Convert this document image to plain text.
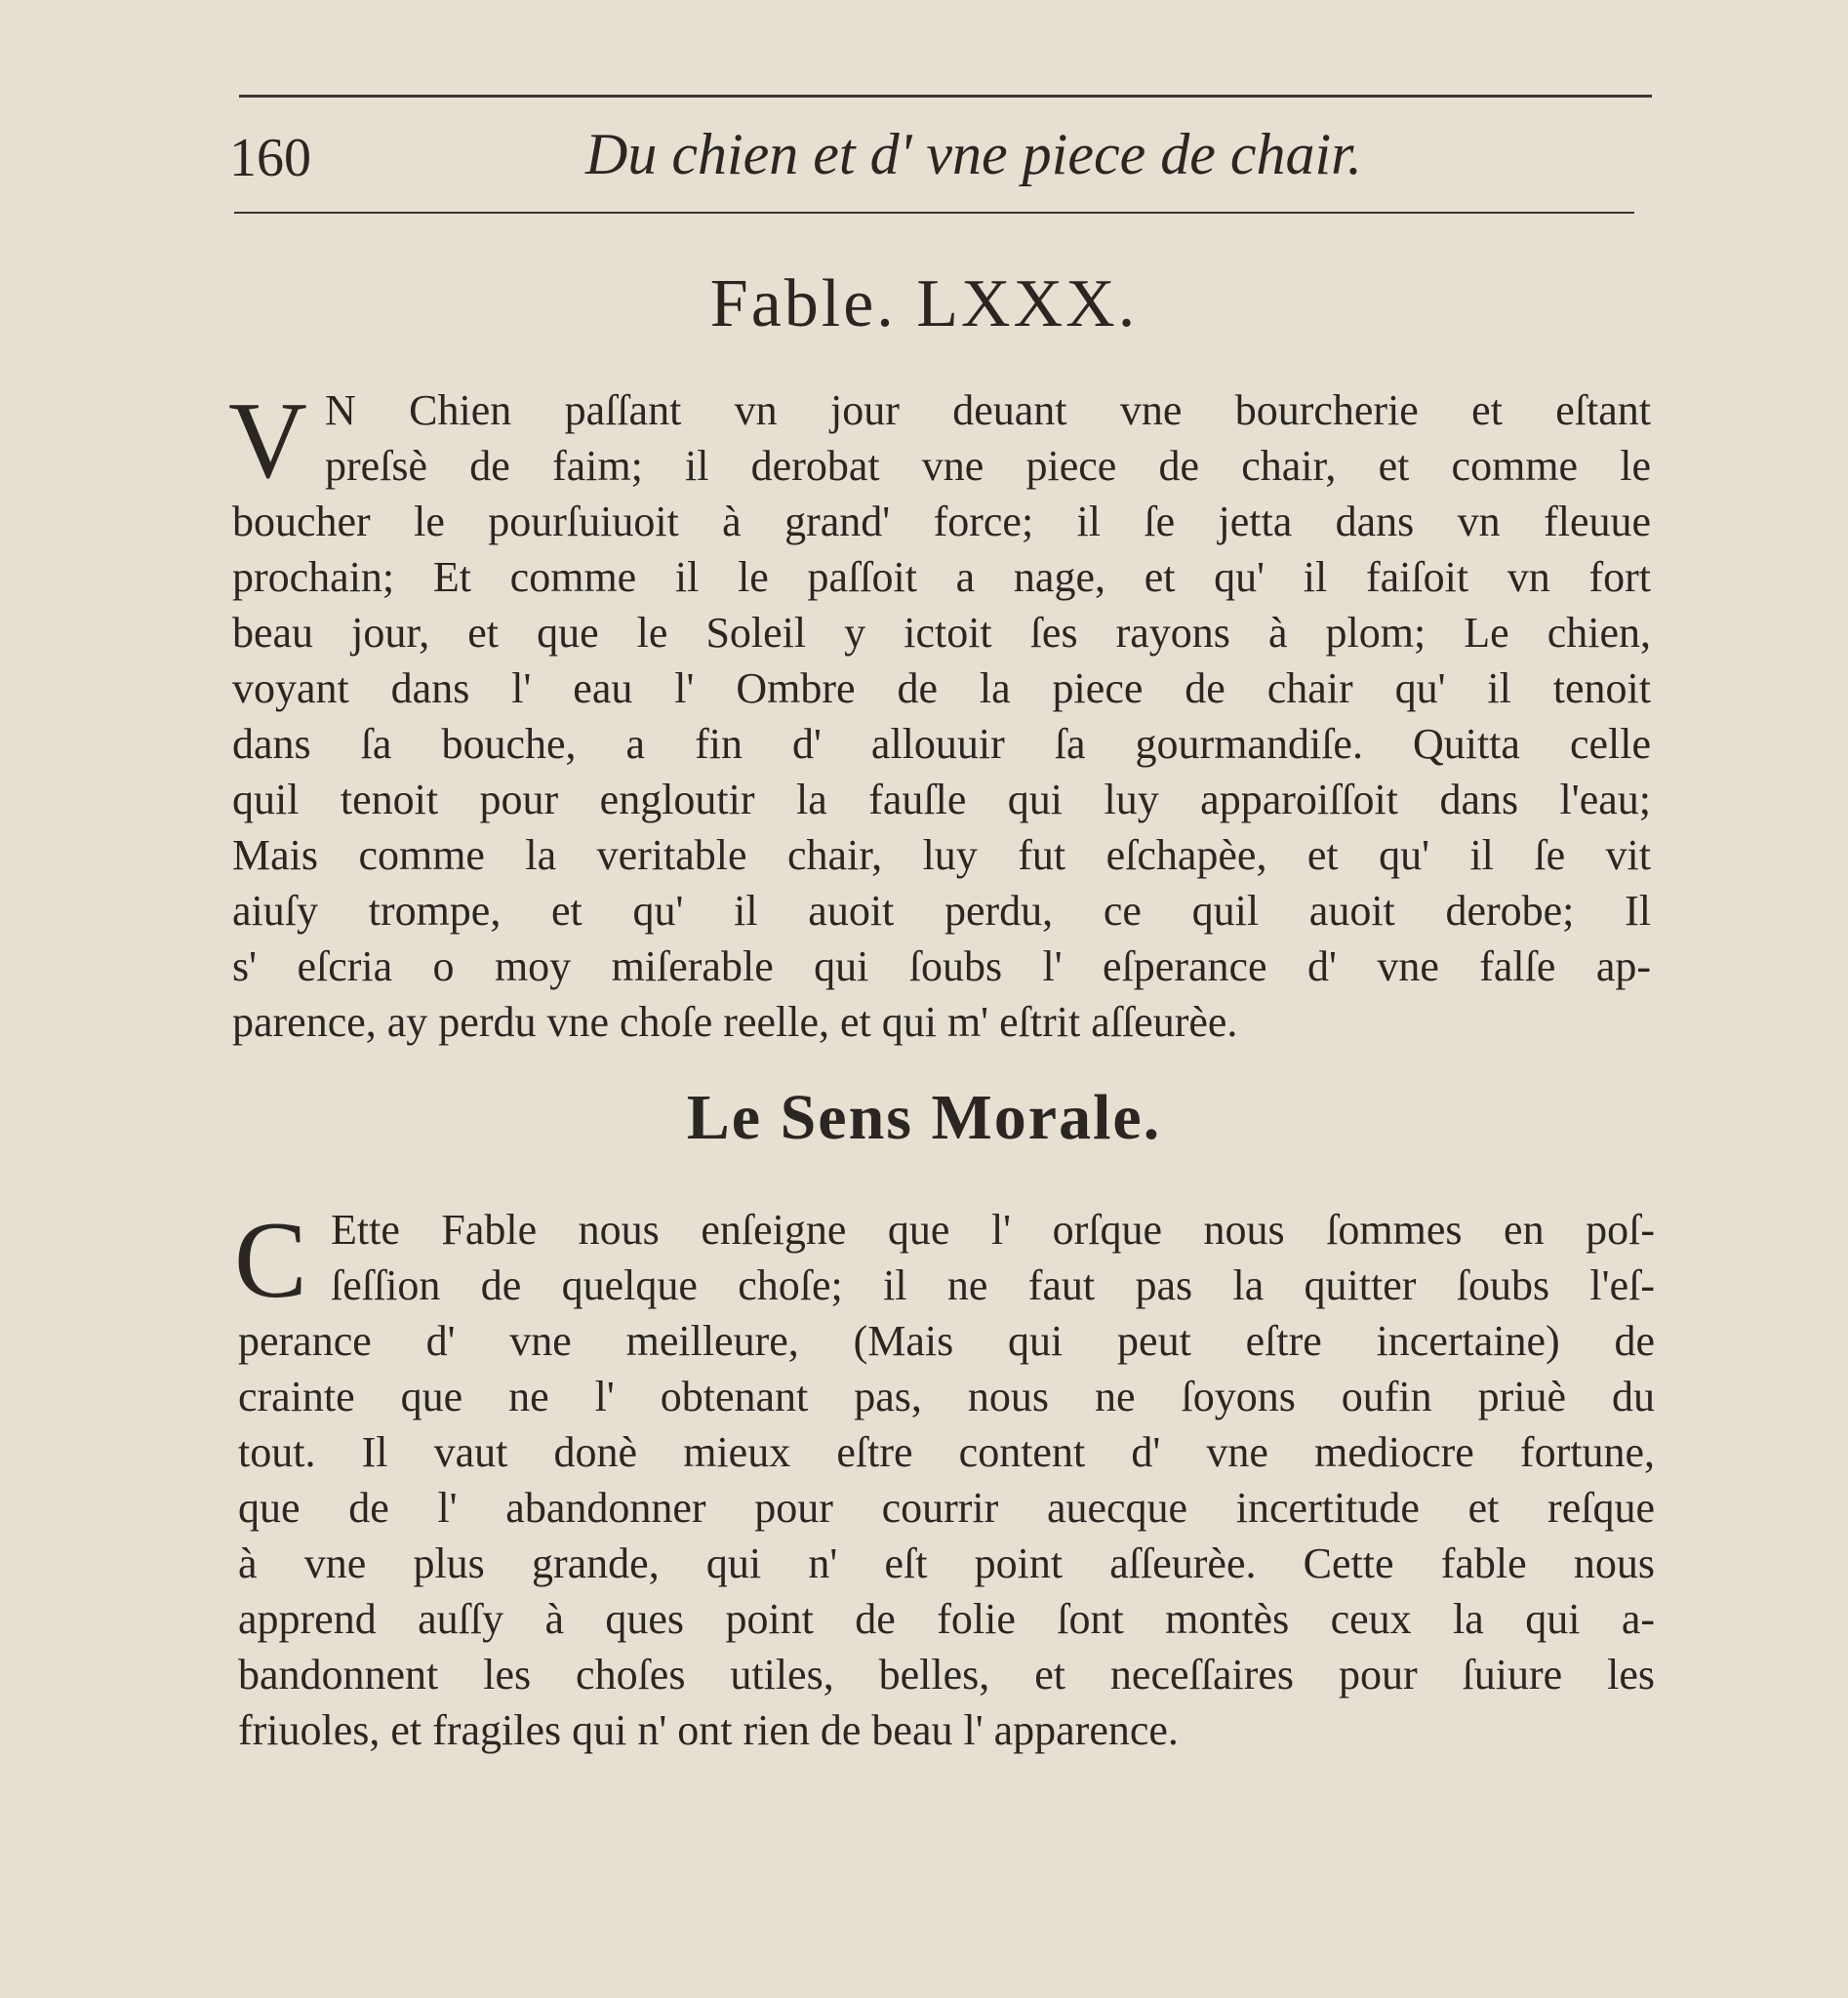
160	Du chien et d' vne piece de chair.
Fable. LXXX.
V N Chien paſſant vn jour deuant vne bourcherie et eſtant
preſsè de faim; il derobat vne piece de chair, et comme le
boucher le pourſuiuoit à grand' force; il ſe jetta dans vn fleuue
prochain; Et comme il le paſſoit a nage, et qu' il faiſoit vn fort
beau jour, et que le Soleil y ictoit ſes rayons à plom; Le chien,
voyant dans l' eau l' Ombre de la piece de chair qu' il tenoit
dans ſa bouche, a fin d' allouuir ſa gourmandiſe. Quitta celle
quil tenoit pour engloutir la fauſle qui luy apparoiſſoit dans l'eau;
Mais comme la veritable chair, luy fut eſchapèe, et qu' il ſe vit
aiuſy trompe, et qu' il auoit perdu, ce quil auoit derobe; Il
s' eſcria o moy miſerable qui ſoubs l' eſperance d' vne falſe ap-
parence, ay perdu vne choſe reelle, et qui m' eſtrit aſſeurèe.
Le Sens Morale.
C Ette Fable nous enſeigne que l' orſque nous ſommes en poſ-
ſeſſion de quelque choſe; il ne faut pas la quitter ſoubs l'eſ-
perance d' vne meilleure, (Mais qui peut eſtre incertaine) de
crainte que ne l' obtenant pas, nous ne ſoyons oufin priuè du
tout. Il vaut donè mieux eſtre content d' vne mediocre fortune,
que de l' abandonner pour courrir auecque incertitude et reſque
à vne plus grande, qui n' eſt point aſſeurèe. Cette fable nous
apprend auſſy à ques point de folie ſont montès ceux la qui a-
bandonnent les choſes utiles, belles, et neceſſaires pour ſuiure les
friuoles, et fragiles qui n' ont rien de beau l' apparence.
